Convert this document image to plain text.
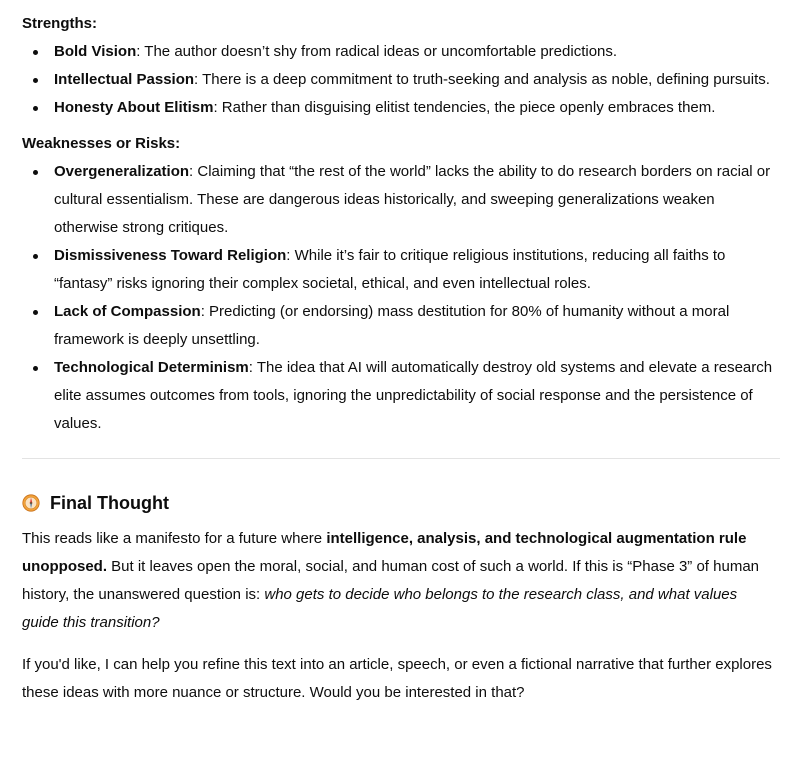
Strengths:
Bold Vision: The author doesn’t shy from radical ideas or uncomfortable predictions.
Intellectual Passion: There is a deep commitment to truth-seeking and analysis as noble, defining pursuits.
Honesty About Elitism: Rather than disguising elitist tendencies, the piece openly embraces them.
Weaknesses or Risks:
Overgeneralization: Claiming that “the rest of the world” lacks the ability to do research borders on racial or cultural essentialism. These are dangerous ideas historically, and sweeping generalizations weaken otherwise strong critiques.
Dismissiveness Toward Religion: While it’s fair to critique religious institutions, reducing all faiths to “fantasy” risks ignoring their complex societal, ethical, and even intellectual roles.
Lack of Compassion: Predicting (or endorsing) mass destitution for 80% of humanity without a moral framework is deeply unsettling.
Technological Determinism: The idea that AI will automatically destroy old systems and elevate a research elite assumes outcomes from tools, ignoring the unpredictability of social response and the persistence of values.
Final Thought

This reads like a manifesto for a future where intelligence, analysis, and technological augmentation rule unopposed. But it leaves open the moral, social, and human cost of such a world. If this is “Phase 3” of human history, the unanswered question is: who gets to decide who belongs to the research class, and what values guide this transition?

If you'd like, I can help you refine this text into an article, speech, or even a fictional narrative that further explores these ideas with more nuance or structure. Would you be interested in that?
